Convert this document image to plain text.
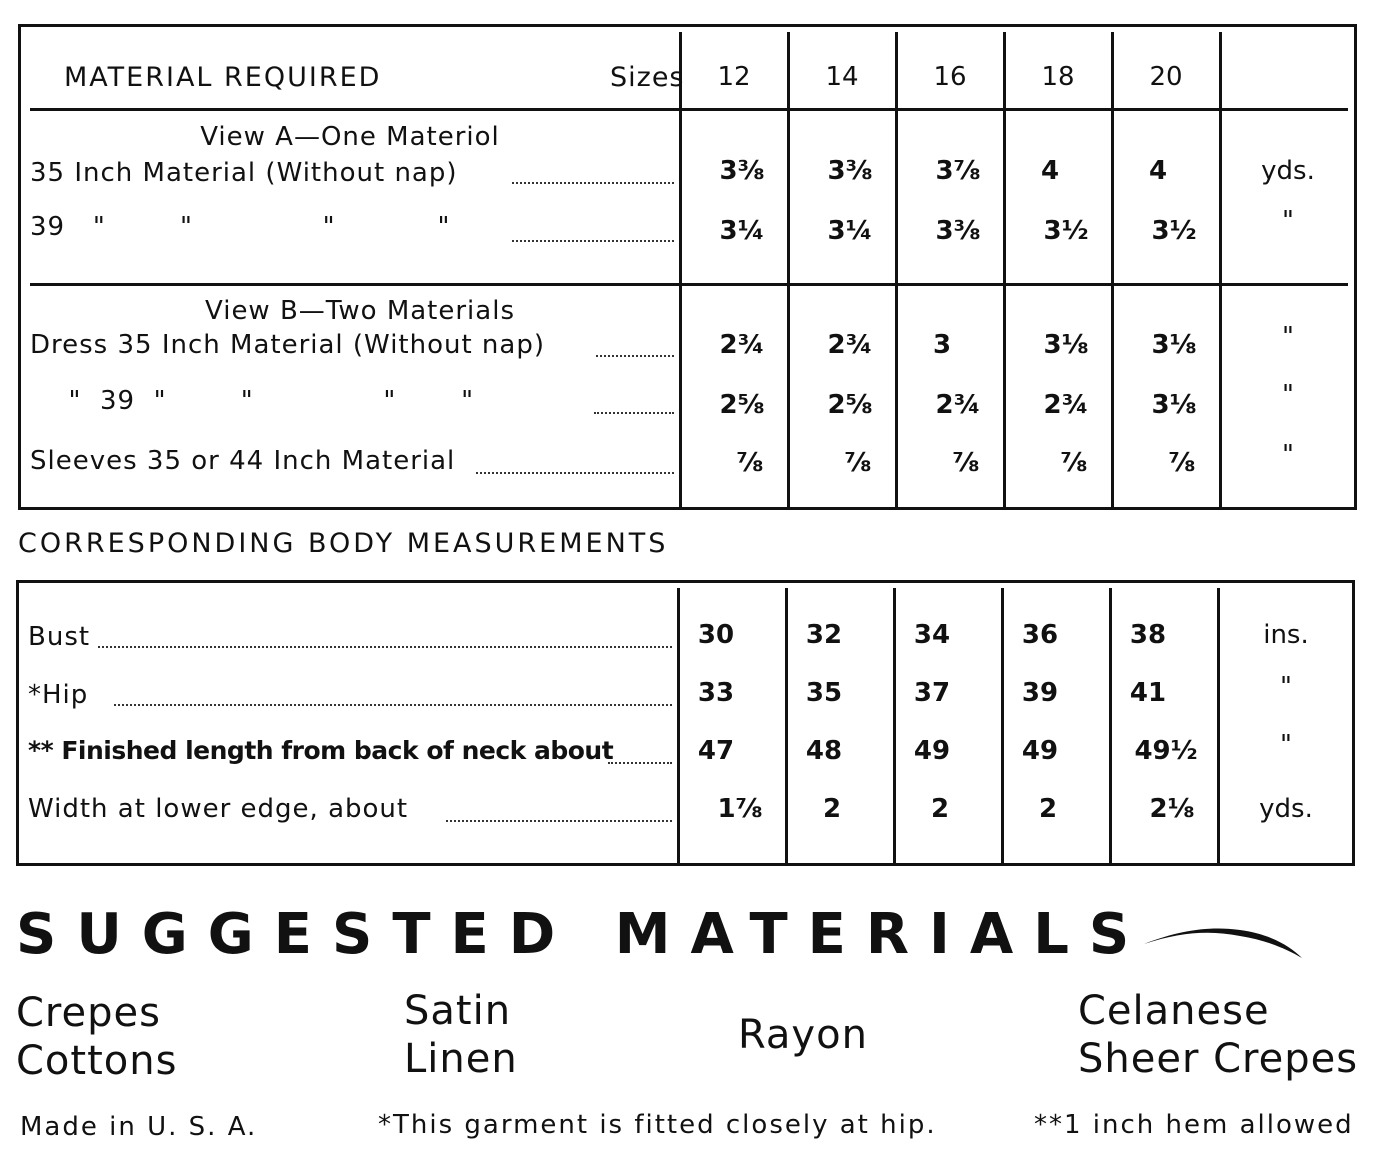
MATERIAL REQUIRED	Sizes	12	14	16	18	20
View A—One Materiol
35 Inch Material (Without nap)	3⅜	3⅜	3⅞	4	4	yds.
39   "        "              "           "	3¼	3¼	3⅜	3½	3½	"
View B—Two Materials
Dress 35 Inch Material (Without nap)	2¾	2¾	3	3⅛	3⅛	"
"  39  "        "              "       "	2⅝	2⅝	2¾	2¾	3⅛	"
Sleeves 35 or 44 Inch Material	⅞	⅞	⅞	⅞	⅞	"
CORRESPONDING BODY MEASUREMENTS
Bust	30	32	34	36	38	ins.
*Hip	33	35	37	39	41	"
** Finished length from back of neck about	47	48	49	49	49½	"
Width at lower edge, about	1⅞	2	2	2	2⅛	yds.
SUGGESTED MATERIALS
Crepes
Cottons
Satin
Linen
Rayon
Celanese
Sheer Crepes
Made in U. S. A.	*This garment is fitted closely at hip.	**1 inch hem allowed
